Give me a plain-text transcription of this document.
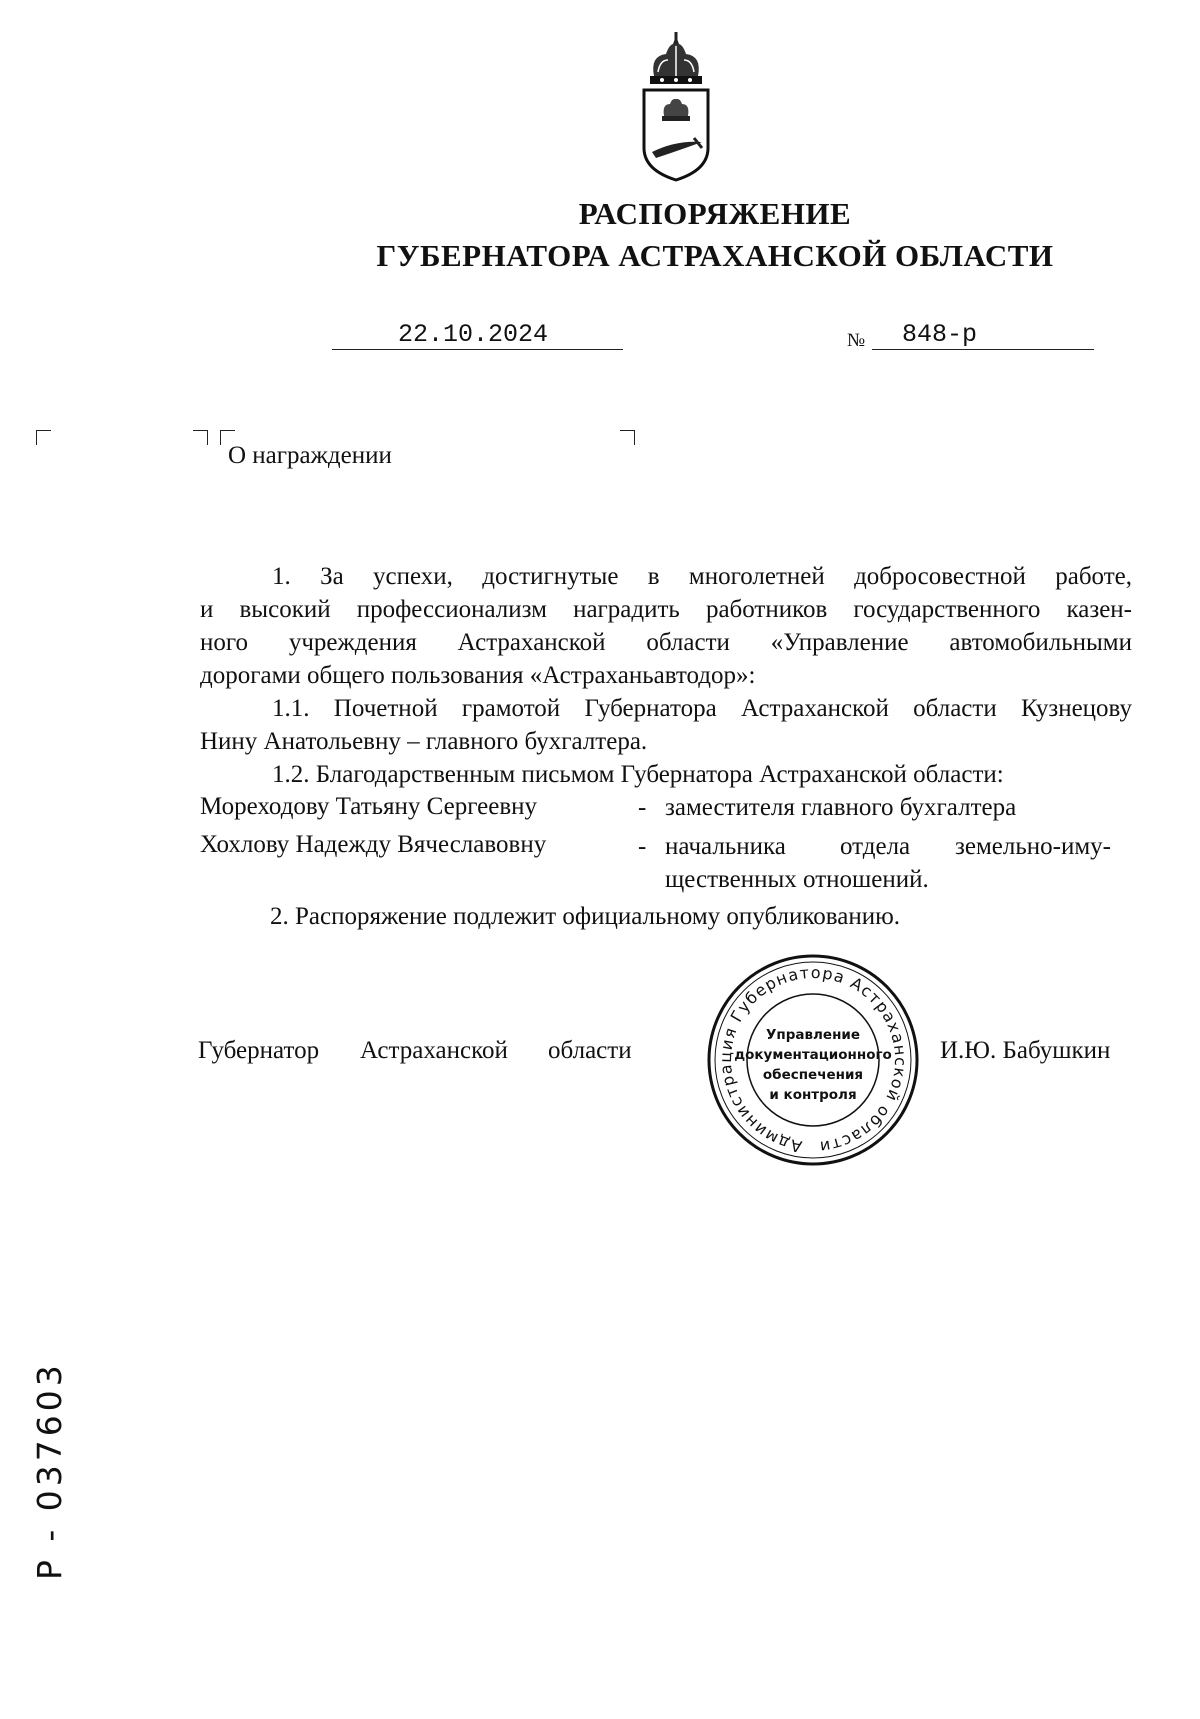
РАСПОРЯЖЕНИЕ
ГУБЕРНАТОРА АСТРАХАНСКОЙ ОБЛАСТИ
22.10.2024	№ 848-р
О награждении
1. За успехи, достигнутые в многолетней добросовестной работе,
и высокий профессионализм наградить работников государственного казен-
ного учреждения Астраханской области «Управление автомобильными
дорогами общего пользования «Астраханьавтодор»:
1.1. Почетной грамотой Губернатора Астраханской области Кузнецову
Нину Анатольевну – главного бухгалтера.
1.2. Благодарственным письмом Губернатора Астраханской области:
Мореходову Татьяну Сергеевну	- заместителя главного бухгалтера
Хохлову Надежду Вячеславовну	- начальника отдела земельно-иму-
щественных отношений.
2. Распоряжение подлежит официальному опубликованию.
Администрация Губернатора Астраханской области
Управление
документационного
обеспечения
и контроля
Губернатор Астраханской области	И.Ю. Бабушкин
Р - 037603
